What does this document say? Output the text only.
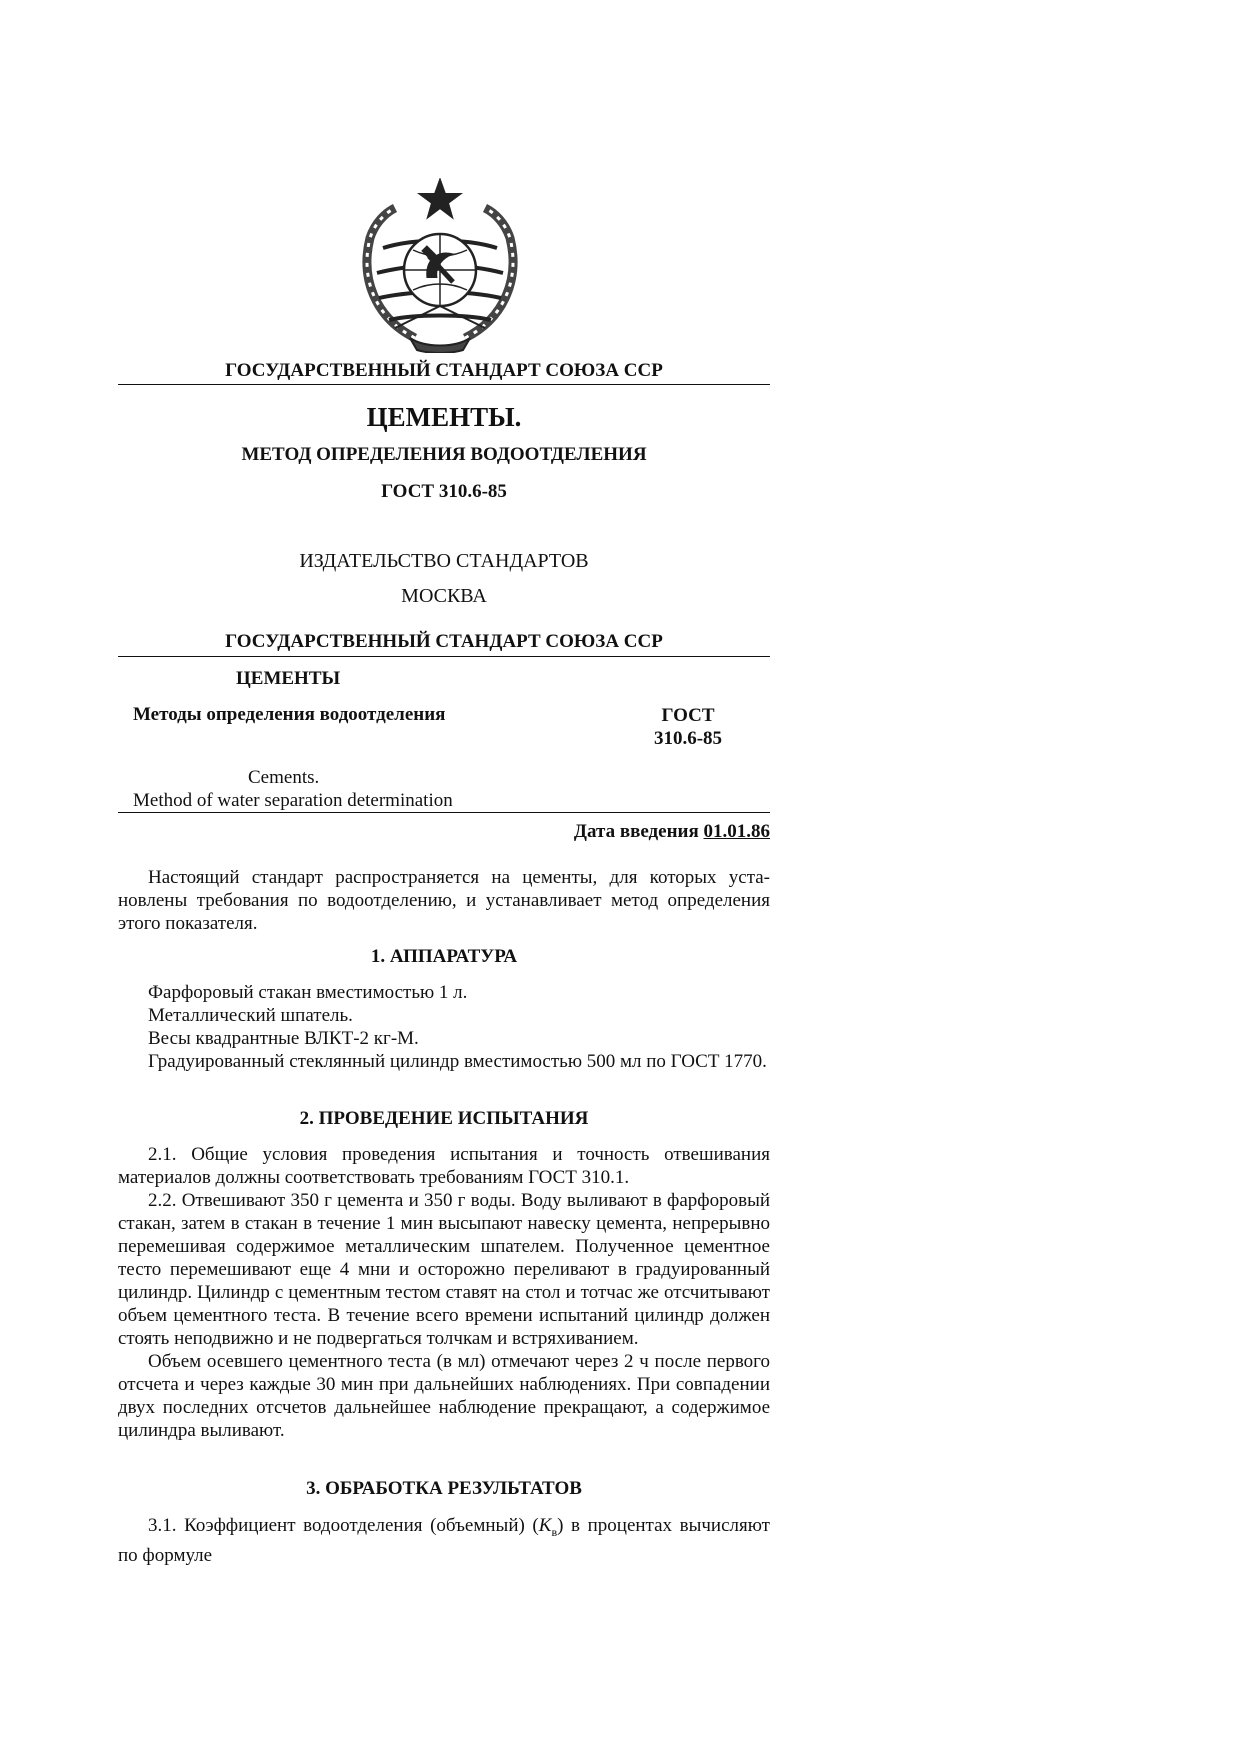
ГОСУДАРСТВЕННЫЙ СТАНДАРТ СОЮЗА ССР
ЦЕМЕНТЫ.
МЕТОД ОПРЕДЕЛЕНИЯ ВОДООТДЕЛЕНИЯ
ГОСТ 310.6-85
ИЗДАТЕЛЬСТВО СТАНДАРТОВ
МОСКВА
ГОСУДАРСТВЕННЫЙ СТАНДАРТ СОЮЗА ССР
ЦЕМЕНТЫ
Методы определения водоотделения	ГОСТ
310.6-85
Cements.
Method of water separation determination
Дата введения 01.01.86

Настоящий стандарт распространяется на цементы, для которых установлены требования по водоотделению, и устанавливает метод определения этого показателя.

1. АППАРАТУРА

Фарфоровый стакан вместимостью 1 л.

Металлический шпатель.

Весы квадрантные ВЛКТ-2 кг-М.

Градуированный стеклянный цилиндр вместимостью 500 мл по ГОСТ 1770.

2. ПРОВЕДЕНИЕ ИСПЫТАНИЯ

2.1. Общие условия проведения испытания и точность отвешивания материалов должны соответствовать требованиям ГОСТ 310.1.

2.2. Отвешивают 350 г цемента и 350 г воды. Воду выливают в фарфоровый стакан, затем в стакан в течение 1 мин высыпают навеску цемента, непрерывно перемешивая содержимое металлическим шпателем. Полученное цементное тесто перемешивают еще 4 мни и осторожно переливают в градуированный цилиндр. Цилиндр с цементным тестом ставят на стол и тотчас же отсчитывают объем цементного теста. В течение всего времени испытаний цилиндр должен стоять неподвижно и не подвергаться толчкам и встряхиванием.

Объем осевшего цементного теста (в мл) отмечают через 2 ч после первого отсчета и через каждые 30 мин при дальнейших наблюдениях. При совпадении двух последних отсчетов дальнейшее наблюдение прекращают, а содержимое цилиндра выливают.

3. ОБРАБОТКА РЕЗУЛЬТАТОВ

3.1. Коэффициент водоотделения (объемный) $(K_в)$ в процентах вычисляют по формуле
